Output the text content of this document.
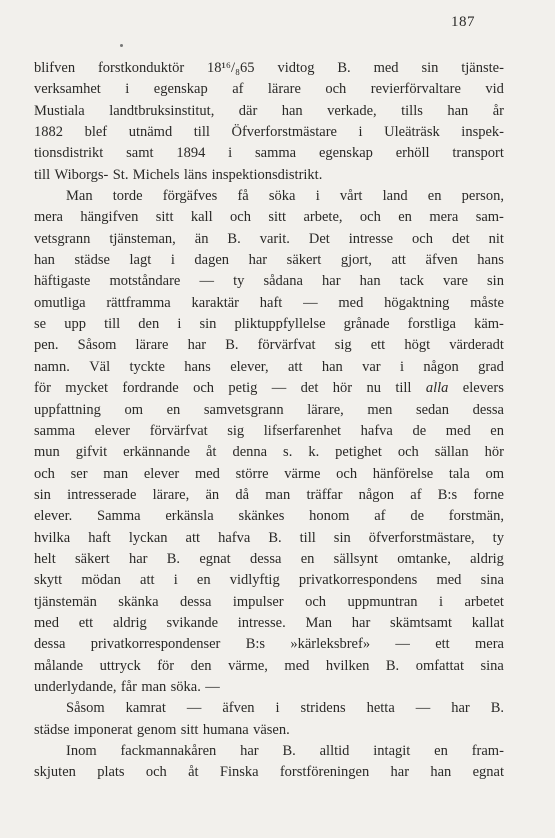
187
blifven forstkonduktör 18¹⁶/₈65 vidtog B. med sin tjänste-
verksamhet i egenskap af lärare och revierförvaltare vid
Mustiala landtbruksinstitut, där han verkade, tills han år
1882 blef utnämd till Öfverforstmästare i Uleäträsk inspek-
tionsdistrikt samt 1894 i samma egenskap erhöll transport
till Wiborgs- St. Michels läns inspektionsdistrikt.
Man torde förgäfves få söka i vårt land en person,
mera hängifven sitt kall och sitt arbete, och en mera sam-
vetsgrann tjänsteman, än B. varit. Det intresse och det nit
han städse lagt i dagen har säkert gjort, att äfven hans
häftigaste motståndare — ty sådana har han tack vare sin
omutliga rättframma karaktär haft — med högaktning måste
se upp till den i sin pliktuppfyllelse grånade forstliga käm-
pen. Såsom lärare har B. förvärfvat sig ett högt värderadt
namn. Väl tyckte hans elever, att han var i någon grad
för mycket fordrande och petig — det hör nu till alla elevers
uppfattning om en samvetsgrann lärare, men sedan dessa
samma elever förvärfvat sig lifserfarenhet hafva de med en
mun gifvit erkännande åt denna s. k. petighet och sällan hör
och ser man elever med större värme och hänförelse tala om
sin intresserade lärare, än då man träffar någon af B:s forne
elever. Samma erkänsla skänkes honom af de forstmän,
hvilka haft lyckan att hafva B. till sin öfverforstmästare, ty
helt säkert har B. egnat dessa en sällsynt omtanke, aldrig
skytt mödan att i en vidlyftig privatkorrespondens med sina
tjänstemän skänka dessa impulser och uppmuntran i arbetet
med ett aldrig svikande intresse. Man har skämtsamt kallat
dessa privatkorrespondenser B:s »kärleksbref» — ett mera
målande uttryck för den värme, med hvilken B. omfattat sina
underlydande, får man söka. —
Såsom kamrat — äfven i stridens hetta — har B.
städse imponerat genom sitt humana väsen.
Inom fackmannakåren har B. alltid intagit en fram-
skjuten plats och åt Finska forstföreningen har han egnat
